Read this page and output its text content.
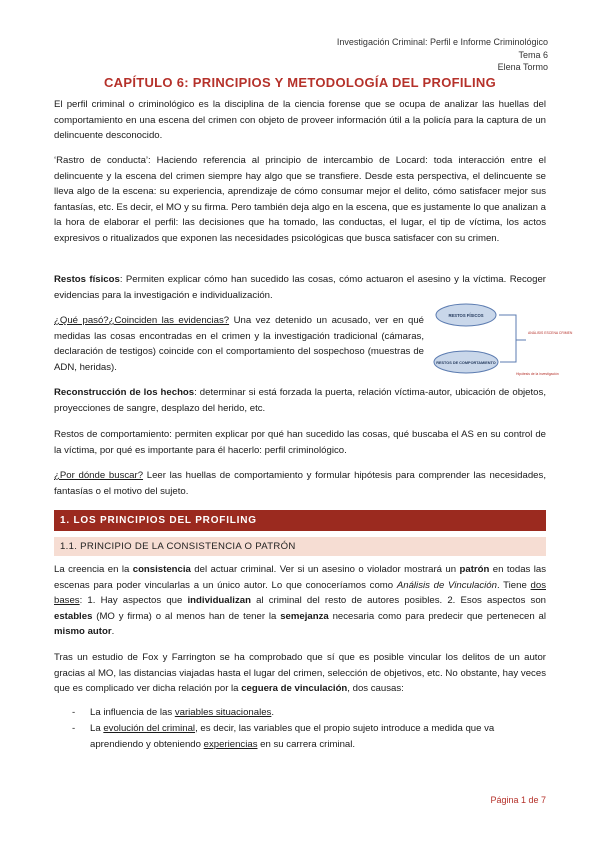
Investigación Criminal: Perfil e Informe Criminológico
Tema 6
Elena Tormo
CAPÍTULO 6: PRINCIPIOS Y METODOLOGÍA DEL PROFILING

El perfil criminal o criminológico es la disciplina de la ciencia forense que se ocupa de analizar las huellas del comportamiento en una escena del crimen con objeto de proveer información útil a la policía para la captura de un delincuente desconocido.

‘Rastro de conducta’: Haciendo referencia al principio de intercambio de Locard: toda interacción entre el delincuente y la escena del crimen siempre hay algo que se transfiere. Desde esta perspectiva, el delincuente se lleva algo de la escena: su experiencia, aprendizaje de cómo consumar mejor el delito, cómo satisfacer mejor sus fantasías, etc. Es decir, el MO y su firma. Pero también deja algo en la escena, que es justamente lo que analizan a la hora de elaborar el perfil: las decisiones que ha tomado, las conductas, el lugar, el tip de víctima, los actos expresivos o ritualizados que exponen las necesidades psicológicas que busca satisfacer con su crimen.

Restos físicos: Permiten explicar cómo han sucedido las cosas, cómo actuaron el asesino y la víctima. Recoger evidencias para la investigación e individualización.

¿Qué pasó?¿Coinciden las evidencias? Una vez detenido un acusado, ver en qué medidas las cosas encontradas en el crimen y la investigación tradicional (cámaras, declaración de testigos) coincide con el comportamiento del sospechoso (muestras de ADN, heridas).

RESTOS FÍSICOS
RESTOS DE COMPORTAMIENTO
ANÁLISIS ESCENA CRIMEN
Hipótesis de la investigación

Reconstrucción de los hechos: determinar si está forzada la puerta, relación víctima-autor, ubicación de objetos, proyecciones de sangre, desplazo del herido, etc.

Restos de comportamiento: permiten explicar por qué han sucedido las cosas, qué buscaba el AS en su control de la víctima, por qué es importante para él hacerlo: perfil criminológico.

¿Por dónde buscar? Leer las huellas de comportamiento y formular hipótesis para comprender las necesidades, fantasías o el motivo del sujeto.

1. LOS PRINCIPIOS DEL PROFILING
1.1. PRINCIPIO DE LA CONSISTENCIA O PATRÓN

La creencia en la consistencia del actuar criminal. Ver si un asesino o violador mostrará un patrón en todas las escenas para poder vincularlas a un único autor. Lo que conoceríamos como Análisis de Vinculación. Tiene dos bases: 1. Hay aspectos que individualizan al criminal del resto de autores posibles. 2. Esos aspectos son estables (MO y firma) o al menos han de tener la semejanza necesaria como para predecir que pertenecen al mismo autor.

Tras un estudio de Fox y Farrington se ha comprobado que sí que es posible vincular los delitos de un autor gracias al MO, las distancias viajadas hasta el lugar del crimen, selección de objetivos, etc. No obstante, hay veces que es complicado ver dicha relación por la ceguera de vinculación, dos causas:

- La influencia de las variables situacionales.
- La evolución del criminal, es decir, las variables que el propio sujeto introduce a medida que va aprendiendo y obteniendo experiencias en su carrera criminal.
Página 1 de 7
